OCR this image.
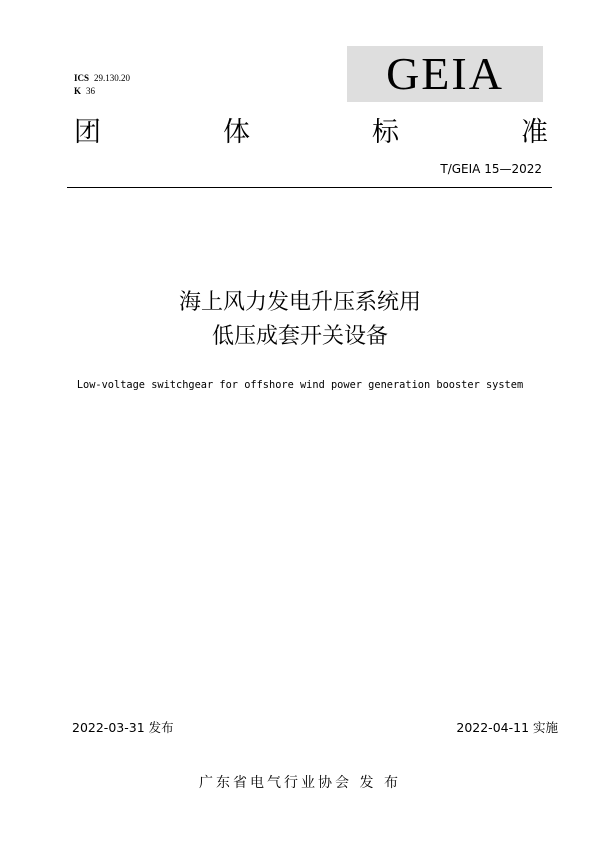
ICS 29.130.20
K 36	GEIA
团	体	标	准
T/GEIA 15—2022
海上风力发电升压系统用
低压成套开关设备
Low-voltage switchgear for offshore wind power generation booster system
2022-03-31 发布	2022-04-11 实施
广东省电气行业协会 发 布
